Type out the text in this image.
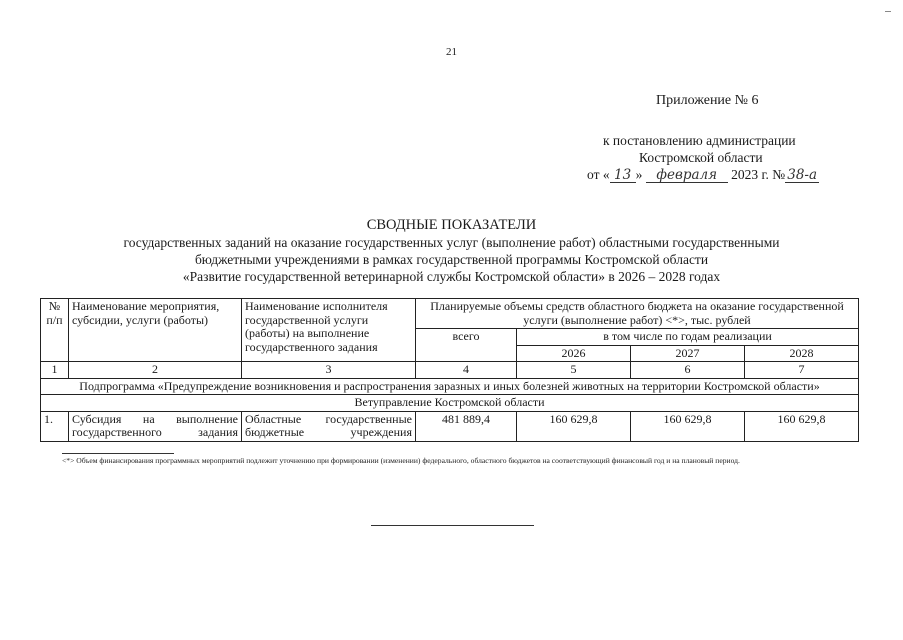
21
Приложение № 6
к постановлению администрации
Костромской области
от « 13 » февраля 2023 г. № 38-а
СВОДНЫЕ ПОКАЗАТЕЛИ
государственных заданий на оказание государственных услуг (выполнение работ) областными государственными
бюджетными учреждениями в рамках государственной программы Костромской области
«Развитие государственной ветеринарной службы Костромской области» в 2026 – 2028 годах
№ п/п	Наименование мероприятия, субсидии, услуги (работы)	Наименование исполнителя государственной услуги (работы) на выполнение государственного задания	Планируемые объемы средств областного бюджета на оказание государственной услуги (выполнение работ) <*>, тыс. рублей			
			всего	в том числе по годам реализации		
				2026	2027	2028
1	2	3	4	5	6	7
Подпрограмма «Предупреждение возникновения и распространения заразных и иных болезней животных на территории Костромской области»						
Ветуправление Костромской области						
1.	Субсидия на выполнение государственного задания	Областные государственные бюджетные учреждения	481 889,4	160 629,8	160 629,8	160 629,8
<*> Объем финансирования программных мероприятий подлежит уточнению при формировании (изменении) федерального, областного бюджетов на соответствующий финансовый год и на плановый период.
